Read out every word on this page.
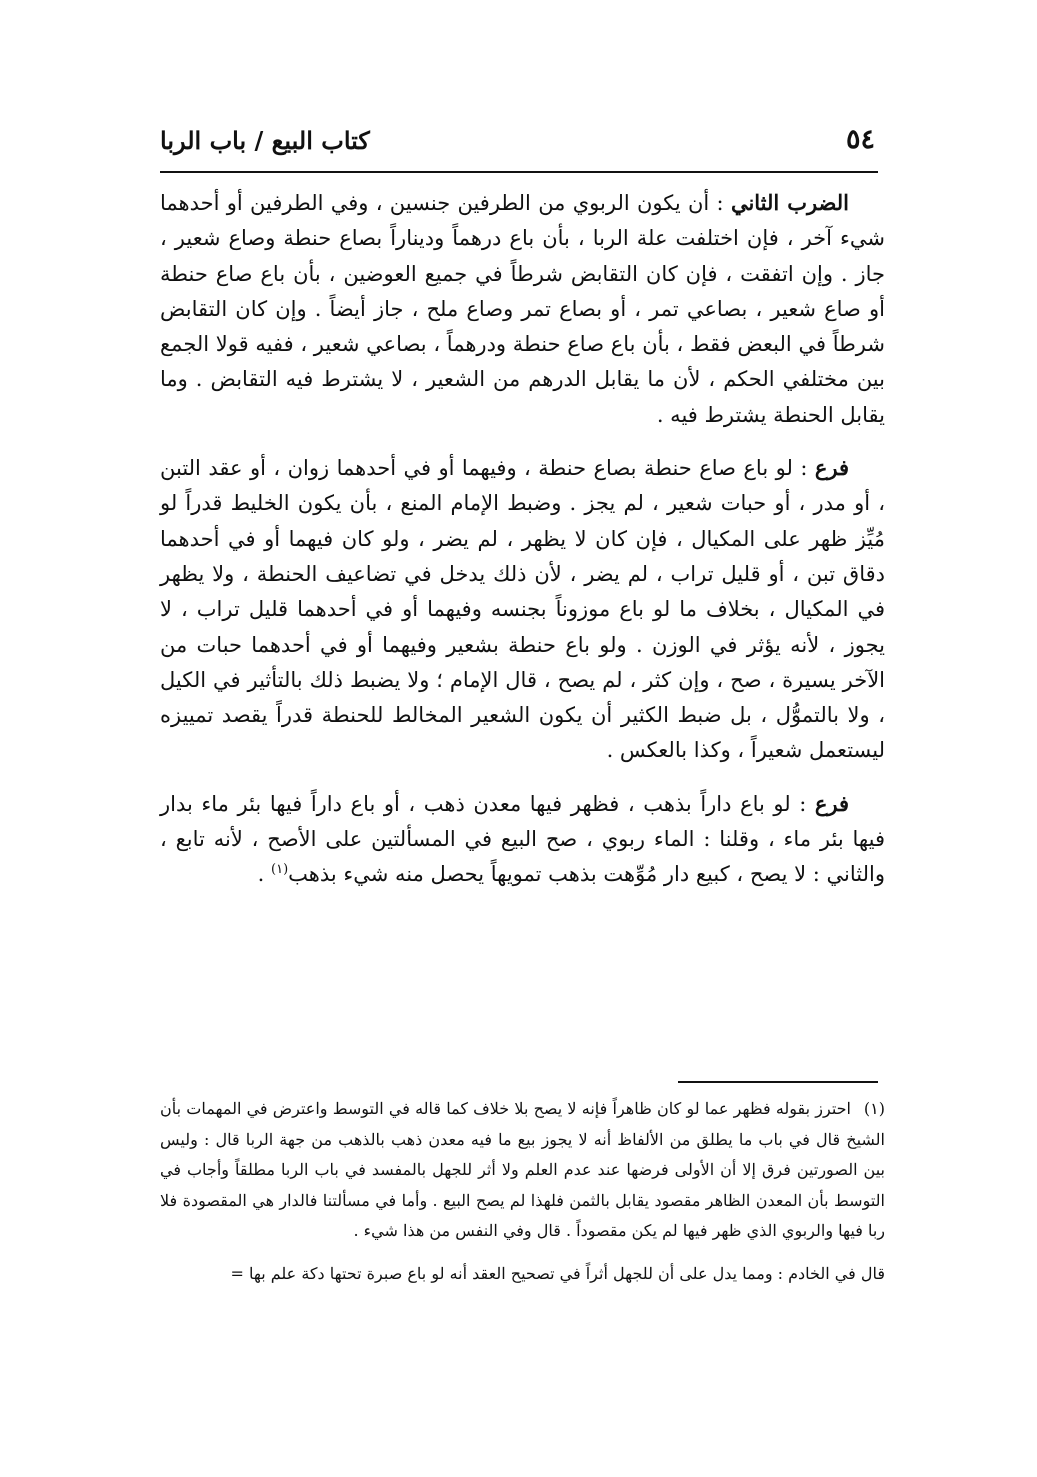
٥٤
كتاب البيع / باب الربا

الضرب الثاني : أن يكون الربوي من الطرفين جنسين ، وفي الطرفين أو أحدهما شيء آخر ، فإن اختلفت علة الربا ، بأن باع درهماً وديناراً بصاع حنطة وصاع شعير ، جاز . وإن اتفقت ، فإن كان التقابض شرطاً في جميع العوضين ، بأن باع صاع حنطة أو صاع شعير ، بصاعي تمر ، أو بصاع تمر وصاع ملح ، جاز أيضاً . وإن كان التقابض شرطاً في البعض فقط ، بأن باع صاع حنطة ودرهماً ، بصاعي شعير ، ففيه قولا الجمع بين مختلفي الحكم ، لأن ما يقابل الدرهم من الشعير ، لا يشترط فيه التقابض . وما يقابل الحنطة يشترط فيه .

فرع : لو باع صاع حنطة بصاع حنطة ، وفيهما أو في أحدهما زوان ، أو عقد التبن ، أو مدر ، أو حبات شعير ، لم يجز . وضبط الإمام المنع ، بأن يكون الخليط قدراً لو مُيِّز ظهر على المكيال ، فإن كان لا يظهر ، لم يضر ، ولو كان فيهما أو في أحدهما دقاق تبن ، أو قليل تراب ، لم يضر ، لأن ذلك يدخل في تضاعيف الحنطة ، ولا يظهر في المكيال ، بخلاف ما لو باع موزوناً بجنسه وفيهما أو في أحدهما قليل تراب ، لا يجوز ، لأنه يؤثر في الوزن . ولو باع حنطة بشعير وفيهما أو في أحدهما حبات من الآخر يسيرة ، صح ، وإن كثر ، لم يصح ، قال الإمام ؛ ولا يضبط ذلك بالتأثير في الكيل ، ولا بالتموُّل ، بل ضبط الكثير أن يكون الشعير المخالط للحنطة قدراً يقصد تمييزه ليستعمل شعيراً ، وكذا بالعكس .

فرع : لو باع داراً بذهب ، فظهر فيها معدن ذهب ، أو باع داراً فيها بئر ماء بدار فيها بئر ماء ، وقلنا : الماء ربوي ، صح البيع في المسألتين على الأصح ، لأنه تابع ، والثاني : لا يصح ، كبيع دار مُوِّهت بذهب تمويهاً يحصل منه شيء بذهب$^{(١)}$ .

(١)احترز بقوله فظهر عما لو كان ظاهراً فإنه لا يصح بلا خلاف كما قاله في التوسط واعترض في المهمات بأن الشيخ قال في باب ما يطلق من الألفاظ أنه لا يجوز بيع ما فيه معدن ذهب بالذهب من جهة الربا قال : وليس بين الصورتين فرق إلا أن الأولى فرضها عند عدم العلم ولا أثر للجهل بالمفسد في باب الربا مطلقاً وأجاب في التوسط بأن المعدن الظاهر مقصود يقابل بالثمن فلهذا لم يصح البيع . وأما في مسألتنا فالدار هي المقصودة فلا ربا فيها والربوي الذي ظهر فيها لم يكن مقصوداً . قال وفي النفس من هذا شيء .

قال في الخادم : ومما يدل على أن للجهل أثراً في تصحيح العقد أنه لو باع صبرة تحتها دكة علم بها =
